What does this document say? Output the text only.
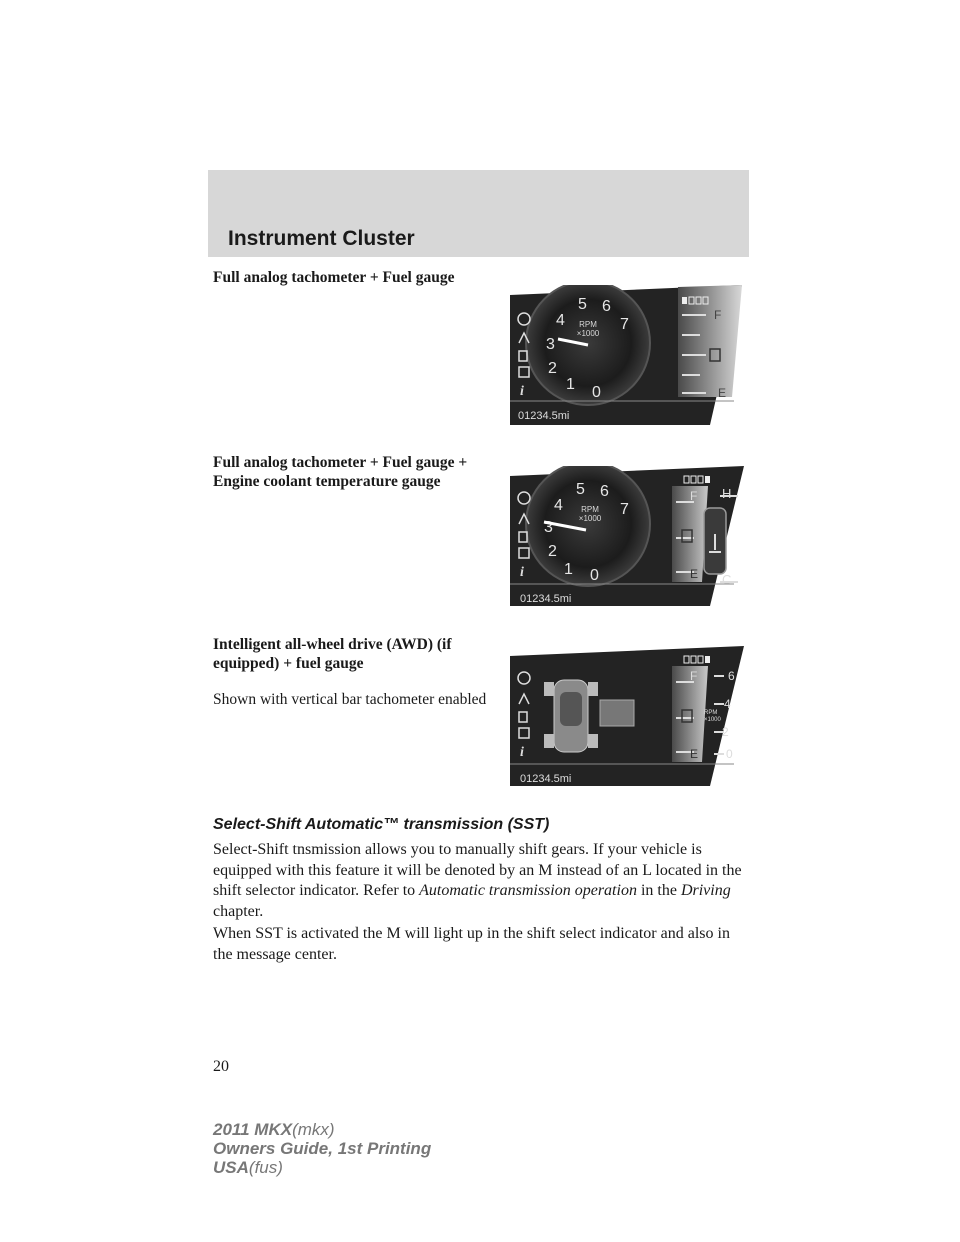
Instrument Cluster
Full analog tachometer + Fuel gauge
0
1
2
3
4
5 6
7
RPM
×1000
i
F
E
01234.5mi
Full analog tachometer + Fuel gauge + Engine coolant temperature gauge
0
1
2
3
4
5 6
7
RPM
×1000
i
F
E
H
C
01234.5mi
Intelligent all-wheel drive (AWD) (if equipped) + fuel gauge
Shown with vertical bar tachometer enabled
i
F
E
6
4
2
0
RPM
×1000
01234.5mi
Select-Shift Automatic™ transmission (SST)
Select-Shift tnsmission allows you to manually shift gears. If your vehicle is equipped with this feature it will be denoted by an M instead of an L located in the shift selector indicator. Refer to Automatic transmission operation in the Driving chapter.
When SST is activated the M will light up in the shift select indicator and also in the message center.
20
2011 MKX(mkx)
Owners Guide, 1st Printing
USA(fus)
